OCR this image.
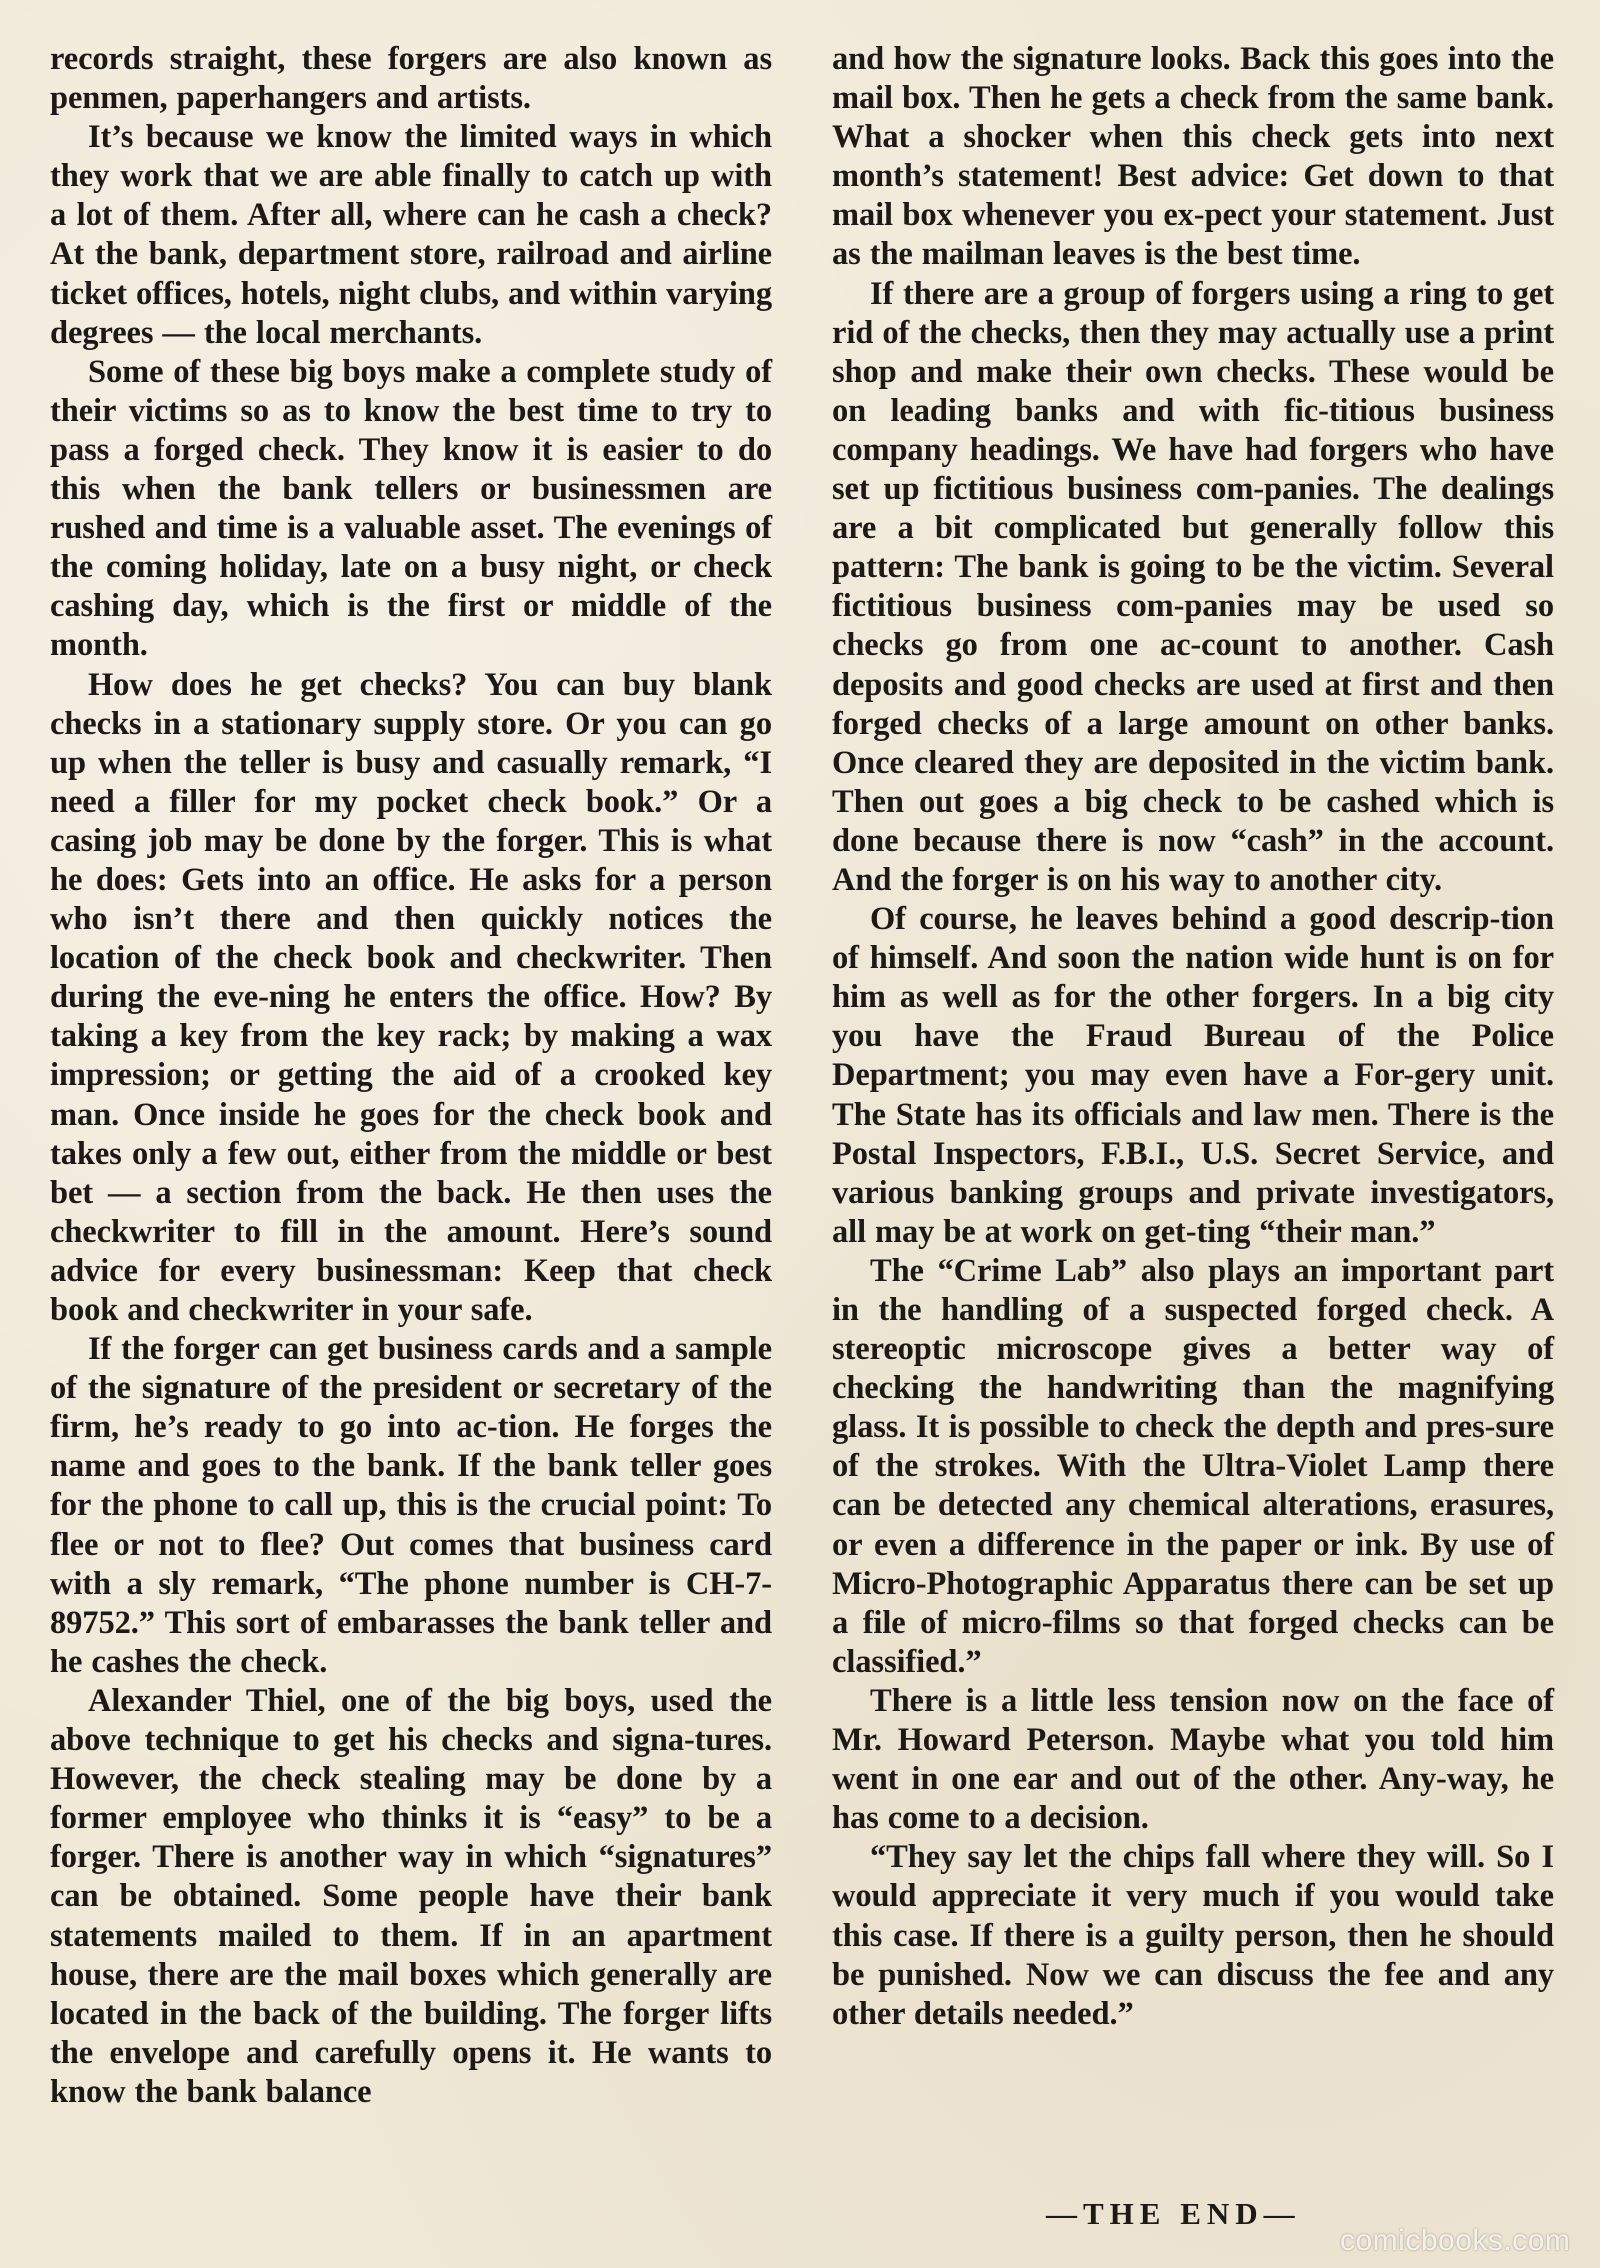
records straight, these forgers are also known as penmen, paperhangers and artists.

It’s because we know the limited ways in which they work that we are able finally to catch up with a lot of them. After all, where can he cash a check? At the bank, department store, railroad and airline ticket offices, hotels, night clubs, and within varying degrees — the local merchants.

Some of these big boys make a complete study of their victims so as to know the best time to try to pass a forged check. They know it is easier to do this when the bank tellers or businessmen are rushed and time is a valuable asset. The evenings of the coming holiday, late on a busy night, or check cashing day, which is the first or middle of the month.

How does he get checks? You can buy blank checks in a stationary supply store. Or you can go up when the teller is busy and casually remark, “I need a filler for my pocket check book.” Or a casing job may be done by the forger. This is what he does: Gets into an office. He asks for a person who isn’t there and then quickly notices the location of the check book and checkwriter. Then during the eve-ning he enters the office. How? By taking a key from the key rack; by making a wax impression; or getting the aid of a crooked key man. Once inside he goes for the check book and takes only a few out, either from the middle or best bet — a section from the back. He then uses the checkwriter to fill in the amount. Here’s sound advice for every businessman: Keep that check book and checkwriter in your safe.

If the forger can get business cards and a sample of the signature of the president or secretary of the firm, he’s ready to go into ac-tion. He forges the name and goes to the bank. If the bank teller goes for the phone to call up, this is the crucial point: To flee or not to flee? Out comes that business card with a sly remark, “The phone number is CH-7-89752.” This sort of embarasses the bank teller and he cashes the check.

Alexander Thiel, one of the big boys, used the above technique to get his checks and signa-tures. However, the check stealing may be done by a former employee who thinks it is “easy” to be a forger. There is another way in which “signatures” can be obtained. Some people have their bank statements mailed to them. If in an apartment house, there are the mail boxes which generally are located in the back of the building. The forger lifts the envelope and carefully opens it. He wants to know the bank balance

and how the signature looks. Back this goes into the mail box. Then he gets a check from the same bank. What a shocker when this check gets into next month’s statement! Best advice: Get down to that mail box whenever you ex-pect your statement. Just as the mailman leaves is the best time.

If there are a group of forgers using a ring to get rid of the checks, then they may actually use a print shop and make their own checks. These would be on leading banks and with fic-titious business company headings. We have had forgers who have set up fictitious business com-panies. The dealings are a bit complicated but generally follow this pattern: The bank is going to be the victim. Several fictitious business com-panies may be used so checks go from one ac-count to another. Cash deposits and good checks are used at first and then forged checks of a large amount on other banks. Once cleared they are deposited in the victim bank. Then out goes a big check to be cashed which is done because there is now “cash” in the account. And the forger is on his way to another city.

Of course, he leaves behind a good descrip-tion of himself. And soon the nation wide hunt is on for him as well as for the other forgers. In a big city you have the Fraud Bureau of the Police Department; you may even have a For-gery unit. The State has its officials and law men. There is the Postal Inspectors, F.B.I., U.S. Secret Service, and various banking groups and private investigators, all may be at work on get-ting “their man.”

The “Crime Lab” also plays an important part in the handling of a suspected forged check. A stereoptic microscope gives a better way of checking the handwriting than the magnifying glass. It is possible to check the depth and pres-sure of the strokes. With the Ultra-Violet Lamp there can be detected any chemical alterations, erasures, or even a difference in the paper or ink. By use of Micro-Photographic Apparatus there can be set up a file of micro-films so that forged checks can be classified.”

There is a little less tension now on the face of Mr. Howard Peterson. Maybe what you told him went in one ear and out of the other. Any-way, he has come to a decision.

“They say let the chips fall where they will. So I would appreciate it very much if you would take this case. If there is a guilty person, then he should be punished. Now we can discuss the fee and any other details needed.”

—THE END—
comicbooks.com
